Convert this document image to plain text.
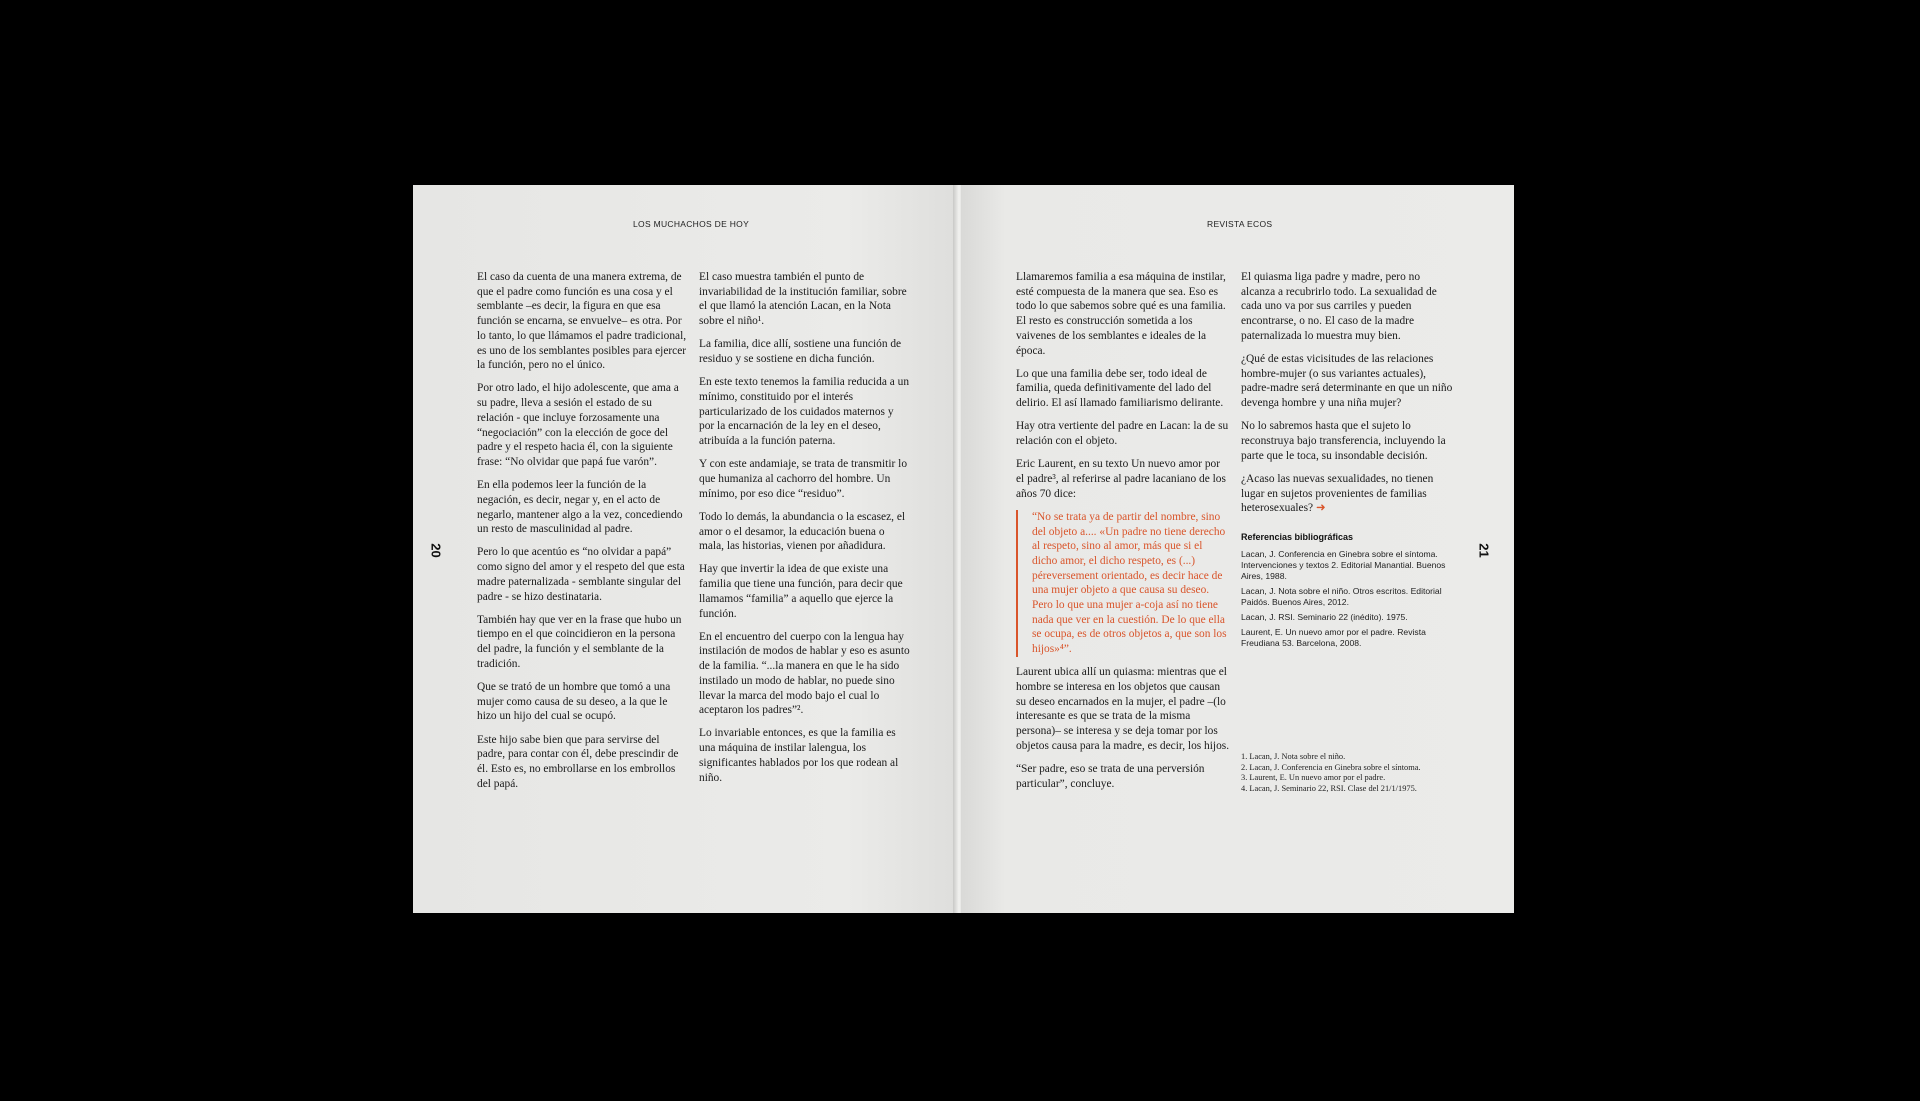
LOS MUCHACHOS DE HOY
20

El caso da cuenta de una manera extrema, de que el padre como función es una cosa y el semblante –es decir, la figura en que esa función se encarna, se envuelve– es otra. Por lo tanto, lo que llámamos el padre tradicional, es uno de los semblantes posibles para ejercer la función, pero no el único.

Por otro lado, el hijo adolescente, que ama a su padre, lleva a sesión el estado de su relación - que incluye forzosamente una “negociación” con la elección de goce del padre y el respeto hacia él, con la siguiente frase: “No olvidar que papá fue varón”.

En ella podemos leer la función de la negación, es decir, negar y, en el acto de negarlo, mantener algo a la vez, concediendo un resto de masculinidad al padre.

Pero lo que acentúo es “no olvidar a papá” como signo del amor y el respeto del que esta madre paternalizada - semblante singular del padre - se hizo destinataria.

También hay que ver en la frase que hubo un tiempo en el que coincidieron en la persona del padre, la función y el semblante de la tradición.

Que se trató de un hombre que tomó a una mujer como causa de su deseo, a la que le hizo un hijo del cual se ocupó.

Este hijo sabe bien que para servirse del padre, para contar con él, debe prescindir de él. Esto es, no embrollarse en los embrollos del papá.

El caso muestra también el punto de invariabilidad de la institución familiar, sobre el que llamó la atención Lacan, en la Nota sobre el niño¹.

La familia, dice allí, sostiene una función de residuo y se sostiene en dicha función.

En este texto tenemos la familia reducida a un mínimo, constituido por el interés particularizado de los cuidados maternos y por la encarnación de la ley en el deseo, atribuída a la función paterna.

Y con este andamiaje, se trata de transmitir lo que humaniza al cachorro del hombre. Un mínimo, por eso dice “residuo”.

Todo lo demás, la abundancia o la escasez, el amor o el desamor, la educación buena o mala, las historias, vienen por añadidura.

Hay que invertir la idea de que existe una familia que tiene una función, para decir que llamamos “familia” a aquello que ejerce la función.

En el encuentro del cuerpo con la lengua hay instilación de modos de hablar y eso es asunto de la familia. “...la manera en que le ha sido instilado un modo de hablar, no puede sino llevar la marca del modo bajo el cual lo aceptaron los padres”².

Lo invariable entonces, es que la familia es una máquina de instilar lalengua, los significantes hablados por los que rodean al niño.

REVISTA ECOS
21

Llamaremos familia a esa máquina de instilar, esté compuesta de la manera que sea. Eso es todo lo que sabemos sobre qué es una familia. El resto es construcción sometida a los vaivenes de los semblantes e ideales de la época.

Lo que una familia debe ser, todo ideal de familia, queda definitivamente del lado del delirio. El así llamado familiarismo delirante.

Hay otra vertiente del padre en Lacan: la de su relación con el objeto.

Eric Laurent, en su texto Un nuevo amor por el padre³, al referirse al padre lacaniano de los años 70 dice:

“No se trata ya de partir del nombre, sino del objeto a.... «Un padre no tiene derecho al respeto, sino al amor, más que si el dicho amor, el dicho respeto, es (...) péreversement orientado, es decir hace de una mujer objeto a que causa su deseo. Pero lo que una mujer a-coja así no tiene nada que ver en la cuestión. De lo que ella se ocupa, es de otros objetos a, que son los hijos»⁴”.

Laurent ubica allí un quiasma: mientras que el hombre se interesa en los objetos que causan su deseo encarnados en la mujer, el padre –(lo interesante es que se trata de la misma persona)– se interesa y se deja tomar por los objetos causa para la madre, es decir, los hijos.

“Ser padre, eso se trata de una perversión particular”, concluye.

El quiasma liga padre y madre, pero no alcanza a recubrirlo todo. La sexualidad de cada uno va por sus carriles y pueden encontrarse, o no. El caso de la madre paternalizada lo muestra muy bien.

¿Qué de estas vicisitudes de las relaciones hombre-mujer (o sus variantes actuales), padre-madre será determinante en que un niño devenga hombre y una niña mujer?

No lo sabremos hasta que el sujeto lo reconstruya bajo transferencia, incluyendo la parte que le toca, su insondable decisión.

¿Acaso las nuevas sexualidades, no tienen lugar en sujetos provenientes de familias heterosexuales? ➜

Referencias bibliográficas
Lacan, J. Conferencia en Ginebra sobre el síntoma. Intervenciones y textos 2. Editorial Manantial. Buenos Aires, 1988.
Lacan, J. Nota sobre el niño. Otros escritos. Editorial Paidós. Buenos Aires, 2012.
Lacan, J. RSI. Seminario 22 (inédito). 1975.
Laurent, E. Un nuevo amor por el padre. Revista Freudiana 53. Barcelona, 2008.
1. Lacan, J. Nota sobre el niño.
2. Lacan, J. Conferencia en Ginebra sobre el síntoma.
3. Laurent, E. Un nuevo amor por el padre.
4. Lacan, J. Seminario 22, RSI. Clase del 21/1/1975.
